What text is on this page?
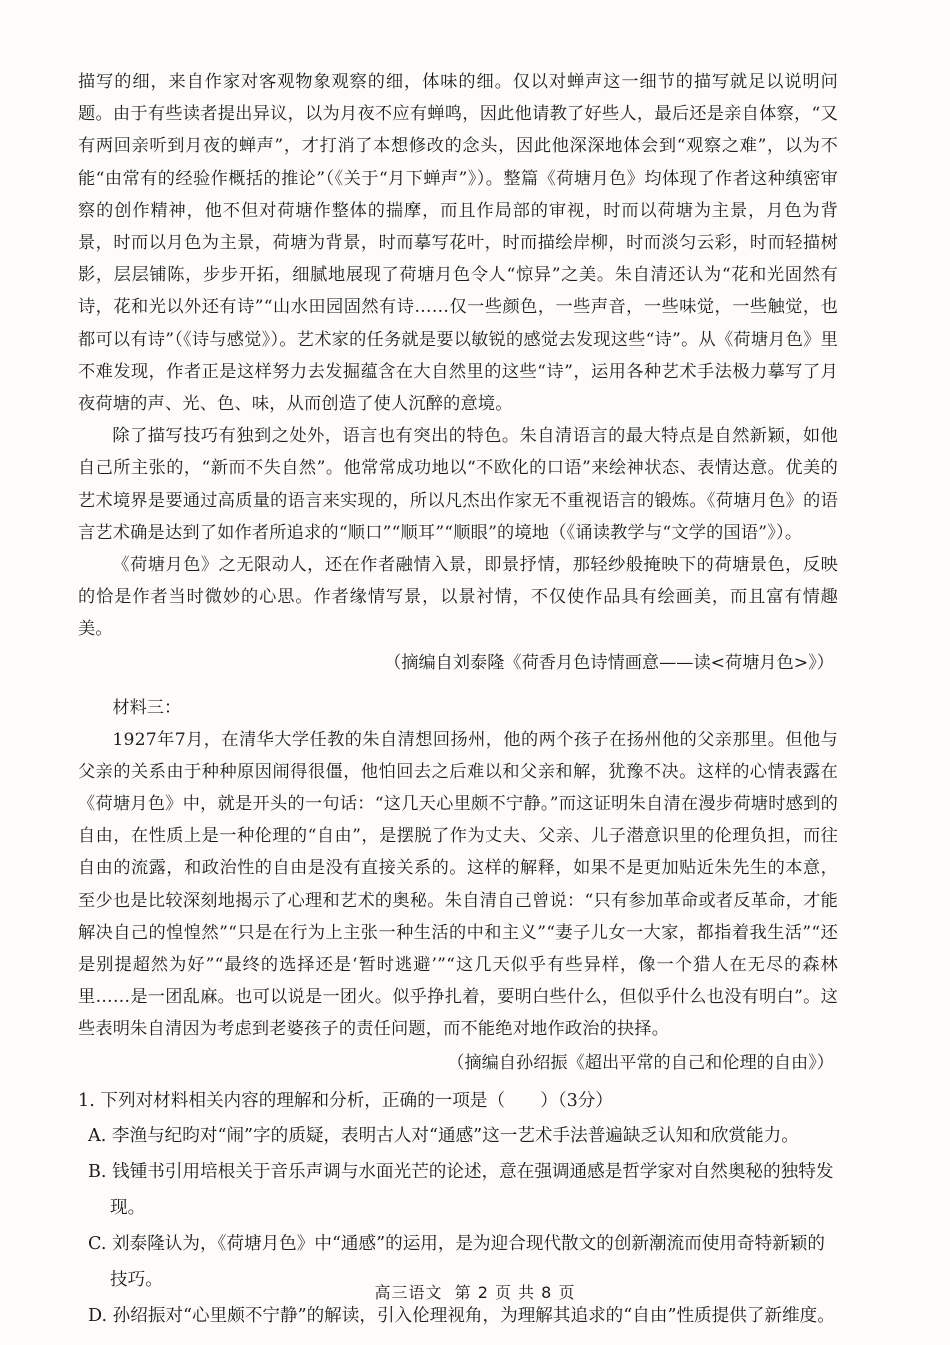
描写的细，来自作家对客观物象观察的细，体味的细。仅以对蝉声这一细节的描写就足以说明问题。由于有些读者提出异议，以为月夜不应有蝉鸣，因此他请教了好些人，最后还是亲自体察，“又有两回亲听到月夜的蝉声”，才打消了本想修改的念头，因此他深深地体会到“观察之难”，以为不能“由常有的经验作概括的推论”（《关于“月下蝉声”》）。整篇《荷塘月色》均体现了作者这种缜密审察的创作精神，他不但对荷塘作整体的揣摩，而且作局部的审视，时而以荷塘为主景，月色为背景，时而以月色为主景，荷塘为背景，时而摹写花叶，时而描绘岸柳，时而淡匀云彩，时而轻描树影，层层铺陈，步步开拓，细腻地展现了荷塘月色令人“惊异”之美。朱自清还认为“花和光固然有诗，花和光以外还有诗”“山水田园固然有诗……仅一些颜色，一些声音，一些味觉，一些触觉，也都可以有诗”（《诗与感觉》）。艺术家的任务就是要以敏锐的感觉去发现这些“诗”。从《荷塘月色》里不难发现，作者正是这样努力去发掘蕴含在大自然里的这些“诗”，运用各种艺术手法极力摹写了月夜荷塘的声、光、色、味，从而创造了使人沉醉的意境。

除了描写技巧有独到之处外，语言也有突出的特色。朱自清语言的最大特点是自然新颖，如他自己所主张的，“新而不失自然”。他常常成功地以“不欧化的口语”来绘神状态、表情达意。优美的艺术境界是要通过高质量的语言来实现的，所以凡杰出作家无不重视语言的锻炼。《荷塘月色》的语言艺术确是达到了如作者所追求的“顺口”“顺耳”“顺眼”的境地（《诵读教学与“文学的国语”》）。

《荷塘月色》之无限动人，还在作者融情入景，即景抒情，那轻纱般掩映下的荷塘景色，反映的恰是作者当时微妙的心思。作者缘情写景，以景衬情，不仅使作品具有绘画美，而且富有情趣美。

（摘编自刘泰隆《荷香月色诗情画意——读<荷塘月色>》）

材料三：

1927年7月，在清华大学任教的朱自清想回扬州，他的两个孩子在扬州他的父亲那里。但他与父亲的关系由于种种原因闹得很僵，他怕回去之后难以和父亲和解，犹豫不决。这样的心情表露在《荷塘月色》中，就是开头的一句话：“这几天心里颇不宁静。”而这证明朱自清在漫步荷塘时感到的自由，在性质上是一种伦理的“自由”，是摆脱了作为丈夫、父亲、儿子潜意识里的伦理负担，而往自由的流露，和政治性的自由是没有直接关系的。这样的解释，如果不是更加贴近朱先生的本意，至少也是比较深刻地揭示了心理和艺术的奥秘。朱自清自己曾说：“只有参加革命或者反革命，才能解决自己的惶惶然”“只是在行为上主张一种生活的中和主义”“妻子儿女一大家，都指着我生活”“还是别提超然为好”“最终的选择还是‘暂时逃避’”“这几天似乎有些异样，像一个猎人在无尽的森林里……是一团乱麻。也可以说是一团火。似乎挣扎着，要明白些什么，但似乎什么也没有明白”。这些表明朱自清因为考虑到老婆孩子的责任问题，而不能绝对地作政治的抉择。

（摘编自孙绍振《超出平常的自己和伦理的自由》）

1. 下列对材料相关内容的理解和分析，正确的一项是（　　）（3分）

A. 李渔与纪昀对“闹”字的质疑，表明古人对“通感”这一艺术手法普遍缺乏认知和欣赏能力。

B. 钱锺书引用培根关于音乐声调与水面光芒的论述，意在强调通感是哲学家对自然奥秘的独特发现。

C. 刘泰隆认为，《荷塘月色》中“通感”的运用，是为迎合现代散文的创新潮流而使用奇特新颖的技巧。

D. 孙绍振对“心里颇不宁静”的解读，引入伦理视角，为理解其追求的“自由”性质提供了新维度。

高三语文 第 2 页 共 8 页
